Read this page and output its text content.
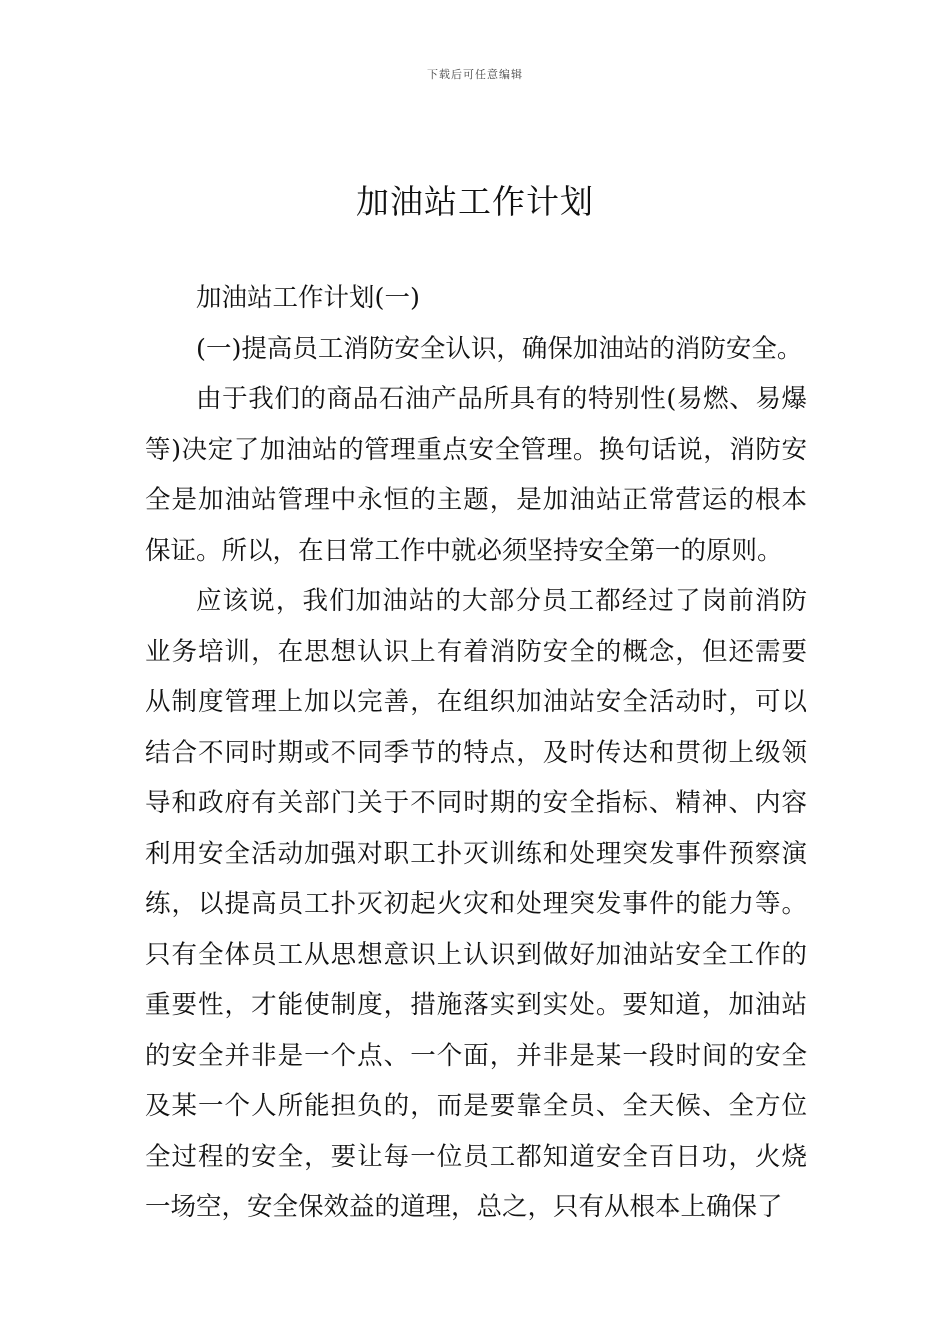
下载后可任意编辑
加油站工作计划

加油站工作计划(一)

(一)提高员工消防安全认识，确保加油站的消防安全。

由于我们的商品石油产品所具有的特别性(易燃、易爆等)决定了加油站的管理重点安全管理。换句话说，消防安全是加油站管理中永恒的主题，是加油站正常营运的根本保证。所以，在日常工作中就必须坚持安全第一的原则。

应该说，我们加油站的大部分员工都经过了岗前消防业务培训，在思想认识上有着消防安全的概念，但还需要从制度管理上加以完善，在组织加油站安全活动时，可以结合不同时期或不同季节的特点，及时传达和贯彻上级领导和政府有关部门关于不同时期的安全指标、精神、内容利用安全活动加强对职工扑灭训练和处理突发事件预察演练，以提高员工扑灭初起火灾和处理突发事件的能力等。只有全体员工从思想意识上认识到做好加油站安全工作的重要性，才能使制度，措施落实到实处。要知道，加油站的安全并非是一个点、一个面，并非是某一段时间的安全及某一个人所能担负的，而是要靠全员、全天候、全方位全过程的安全，要让每一位员工都知道安全百日功，火烧一场空，安全保效益的道理，总之，只有从根本上确保了
